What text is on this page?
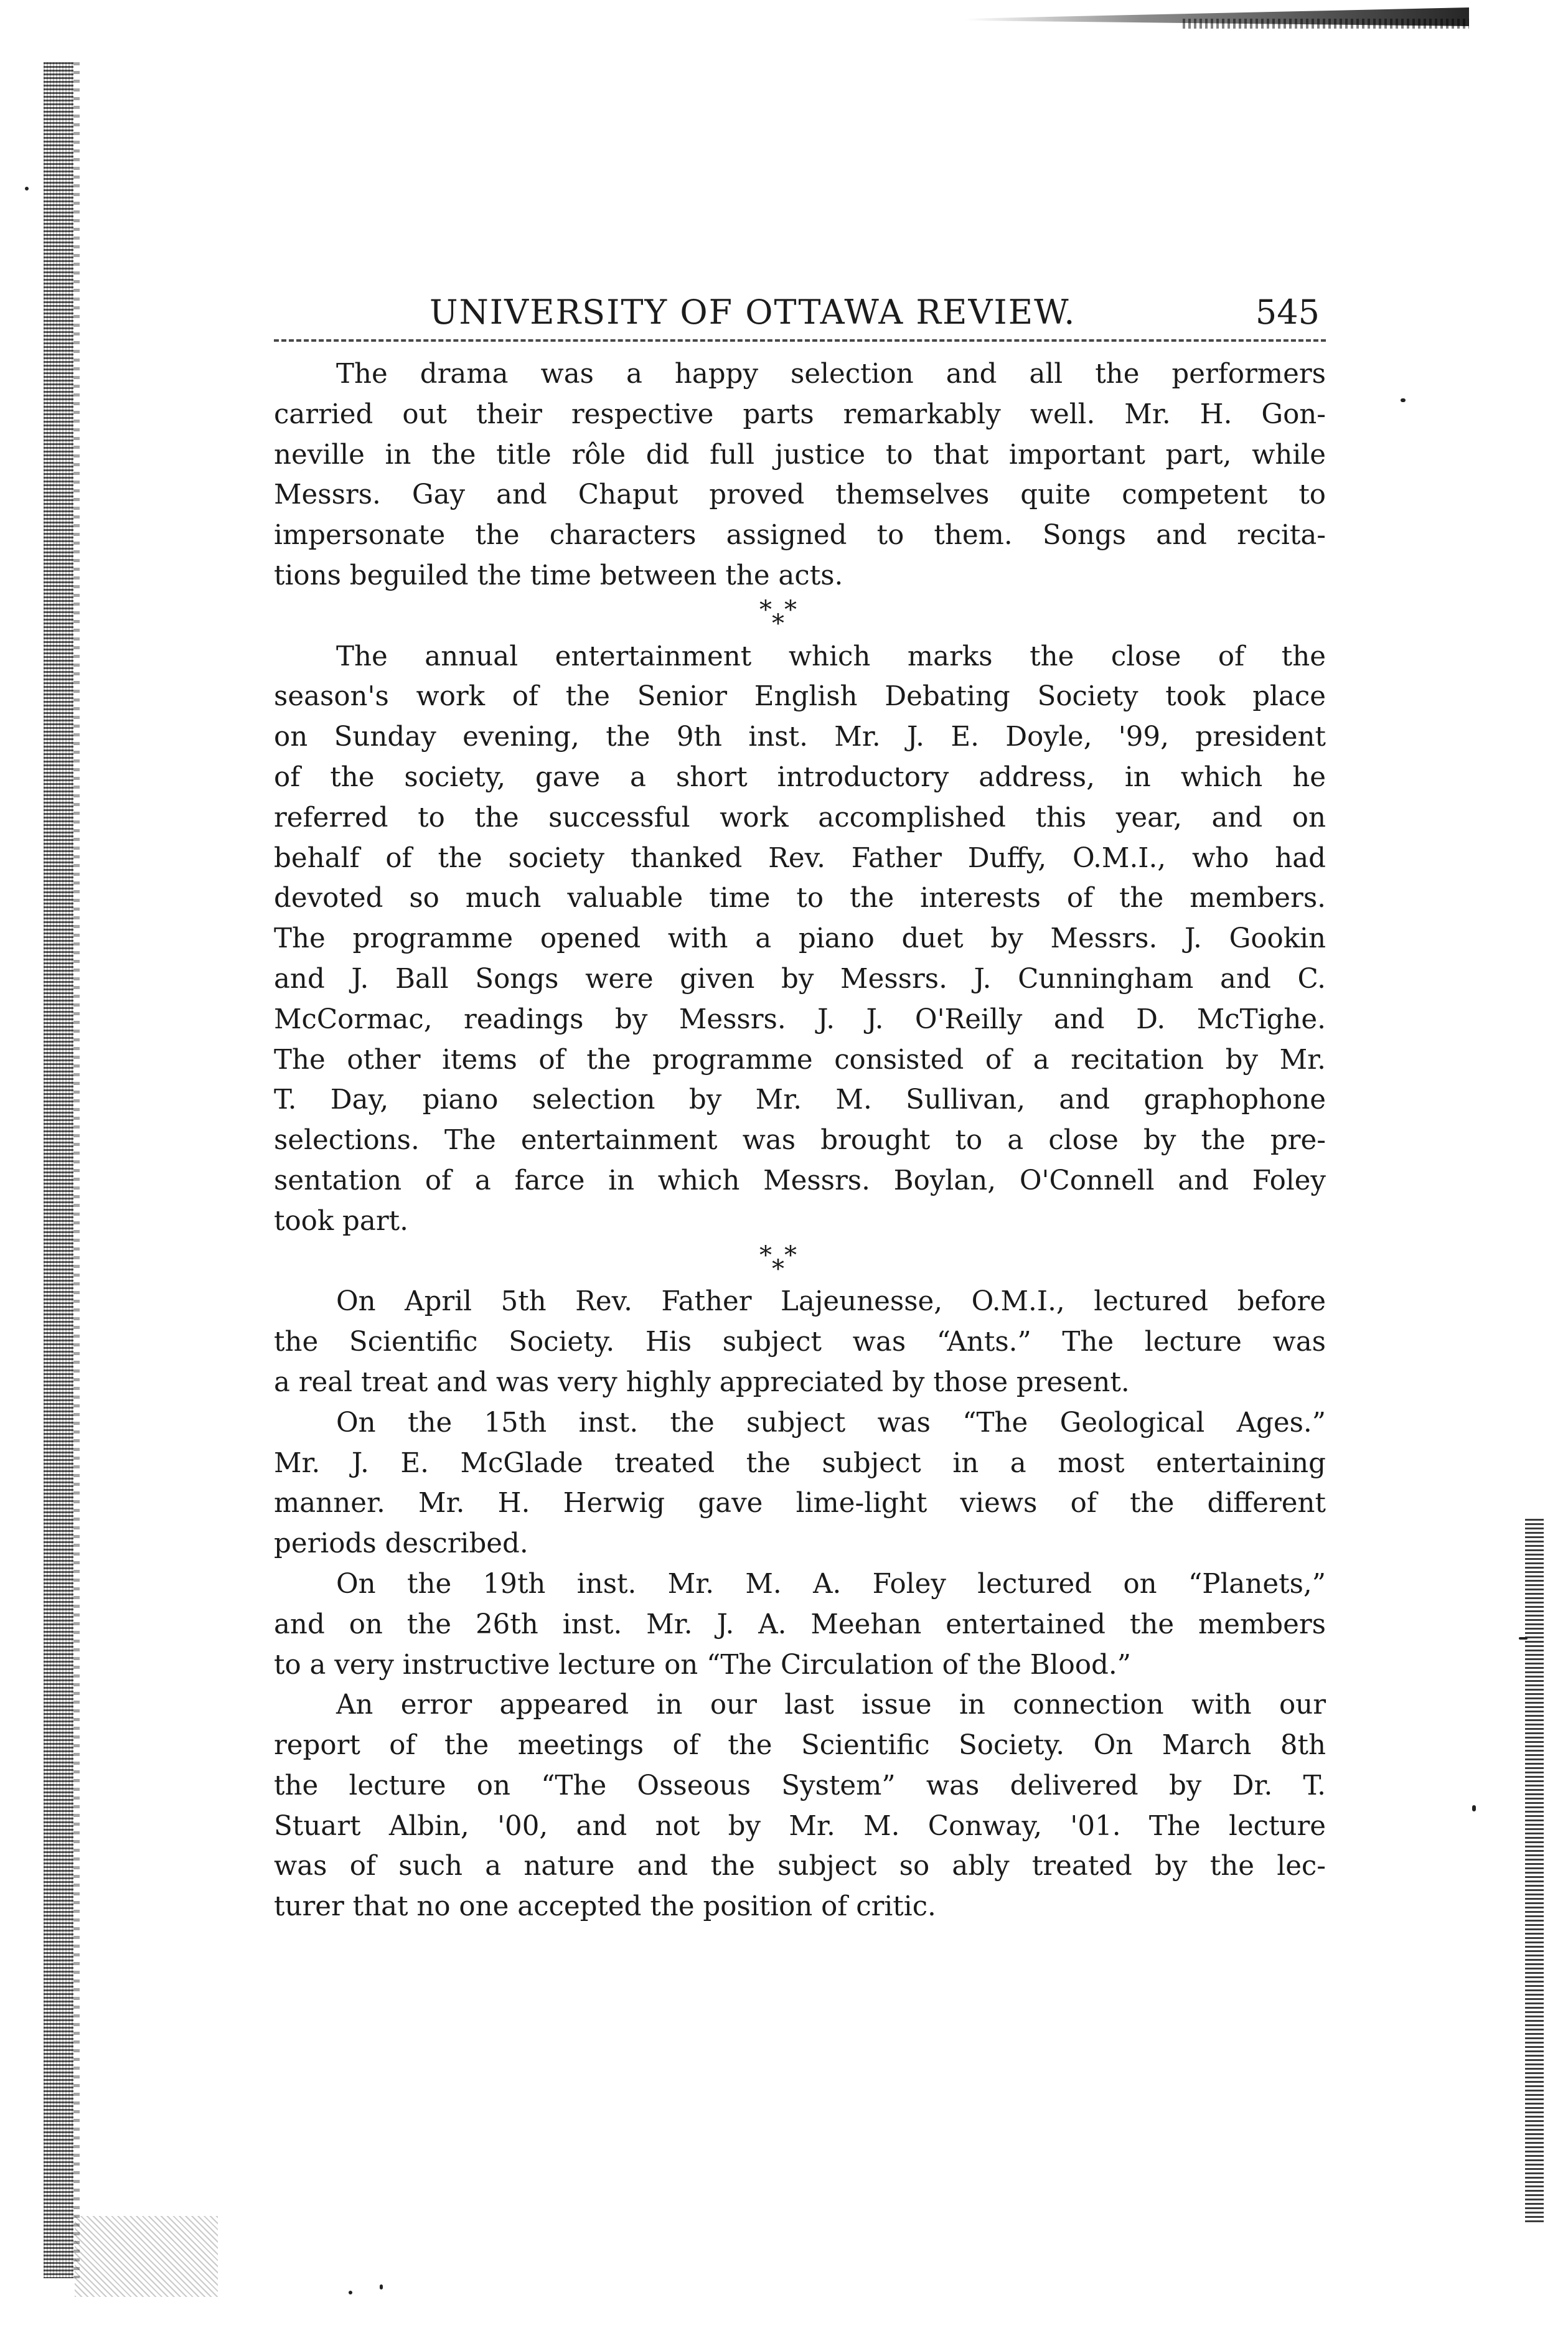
UNIVERSITY OF OTTAWA REVIEW.	545
The drama was a happy selection and all the performers
carried out their respective parts remarkably well. Mr. H. Gon-
neville in the title rôle did full justice to that important part, while
Messrs. Gay and Chaput proved themselves quite competent to
impersonate the characters assigned to them. Songs and recita-
tions beguiled the time between the acts.
* *
*
The annual entertainment which marks the close of the
season's work of the Senior English Debating Society took place
on Sunday evening, the 9th inst. Mr. J. E. Doyle, '99, president
of the society, gave a short introductory address, in which he
referred to the successful work accomplished this year, and on
behalf of the society thanked Rev. Father Duffy, O.M.I., who had
devoted so much valuable time to the interests of the members.
The programme opened with a piano duet by Messrs. J. Gookin
and J. Ball Songs were given by Messrs. J. Cunningham and C.
McCormac, readings by Messrs. J. J. O'Reilly and D. McTighe.
The other items of the programme consisted of a recitation by Mr.
T. Day, piano selection by Mr. M. Sullivan, and graphophone
selections. The entertainment was brought to a close by the pre-
sentation of a farce in which Messrs. Boylan, O'Connell and Foley
took part.
* *
*
On April 5th Rev. Father Lajeunesse, O.M.I., lectured before
the Scientific Society. His subject was “Ants.” The lecture was
a real treat and was very highly appreciated by those present.
On the 15th inst. the subject was “The Geological Ages.”
Mr. J. E. McGlade treated the subject in a most entertaining
manner. Mr. H. Herwig gave lime-light views of the different
periods described.
On the 19th inst. Mr. M. A. Foley lectured on “Planets,”
and on the 26th inst. Mr. J. A. Meehan entertained the members
to a very instructive lecture on “The Circulation of the Blood.”
An error appeared in our last issue in connection with our
report of the meetings of the Scientific Society. On March 8th
the lecture on “The Osseous System” was delivered by Dr. T.
Stuart Albin, '00, and not by Mr. M. Conway, '01. The lecture
was of such a nature and the subject so ably treated by the lec-
turer that no one accepted the position of critic.
